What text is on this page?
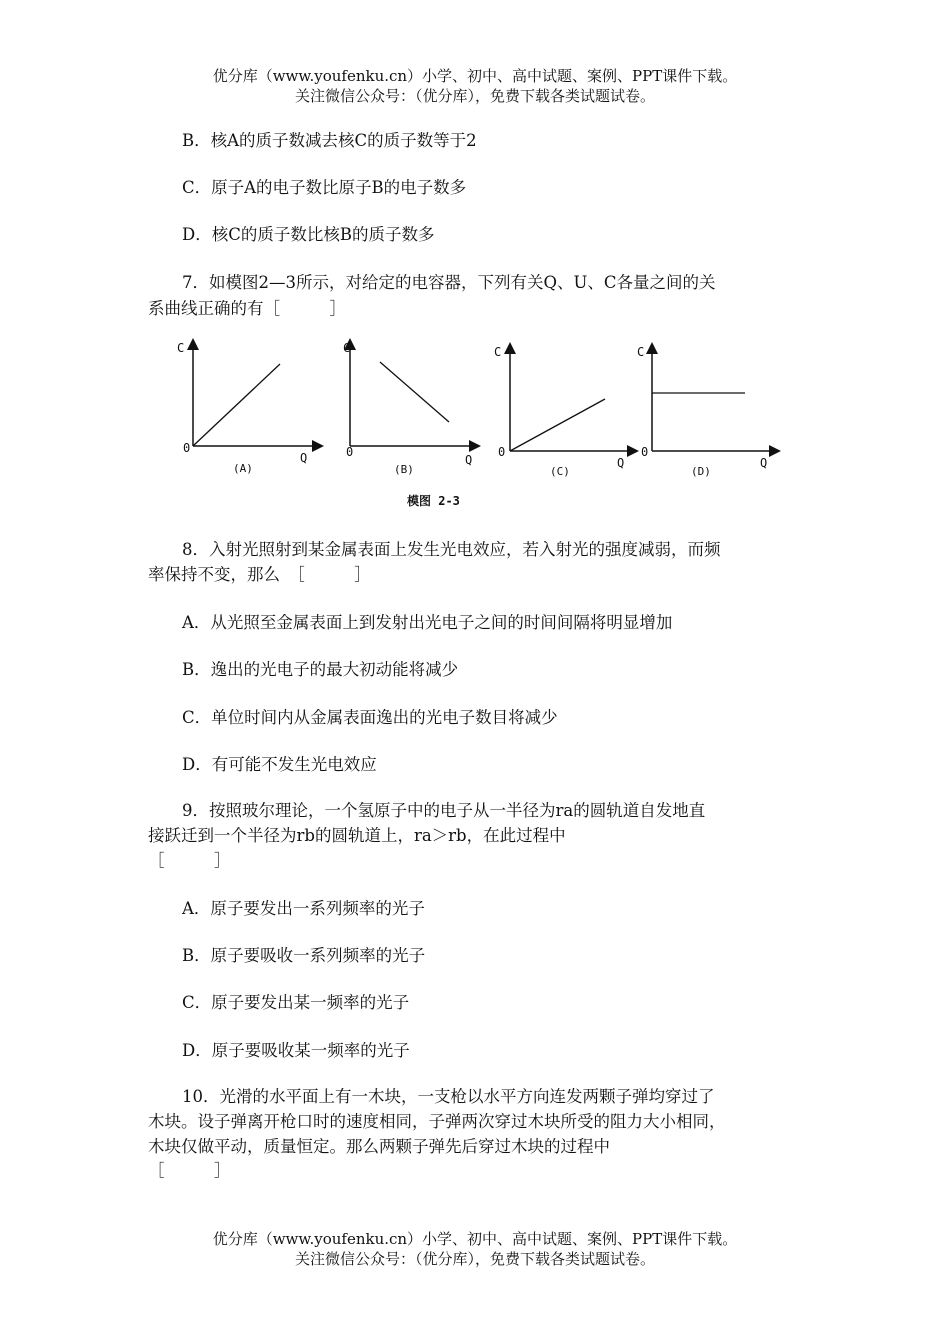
优分库（www.youfenku.cn）小学、初中、高中试题、案例、PPT课件下载。
关注微信公众号：（优分库），免费下载各类试题试卷。
B．核A的质子数减去核C的质子数等于2
C．原子A的电子数比原子B的电子数多
D．核C的质子数比核B的质子数多
7．如模图2—3所示，对给定的电容器，下列有关Q、U、C各量之间的关
系曲线正确的有［　　　］
C
0
Q
(A)
C
0
Q
(B)
C
0
Q
(C)
C
0
Q
(D)
模图 2-3
8．入射光照射到某金属表面上发生光电效应，若入射光的强度减弱，而频
率保持不变，那么　［　　　］
A．从光照至金属表面上到发射出光电子之间的时间间隔将明显增加
B．逸出的光电子的最大初动能将减少
C．单位时间内从金属表面逸出的光电子数目将减少
D．有可能不发生光电效应
9．按照玻尔理论，一个氢原子中的电子从一半径为ra的圆轨道自发地直
接跃迁到一个半径为rb的圆轨道上，ra＞rb，在此过程中
［　　　］
A．原子要发出一系列频率的光子
B．原子要吸收一系列频率的光子
C．原子要发出某一频率的光子
D．原子要吸收某一频率的光子
10．光滑的水平面上有一木块，一支枪以水平方向连发两颗子弹均穿过了
木块。设子弹离开枪口时的速度相同，子弹两次穿过木块所受的阻力大小相同，
木块仅做平动，质量恒定。那么两颗子弹先后穿过木块的过程中
［　　　］
优分库（www.youfenku.cn）小学、初中、高中试题、案例、PPT课件下载。
关注微信公众号：（优分库），免费下载各类试题试卷。
